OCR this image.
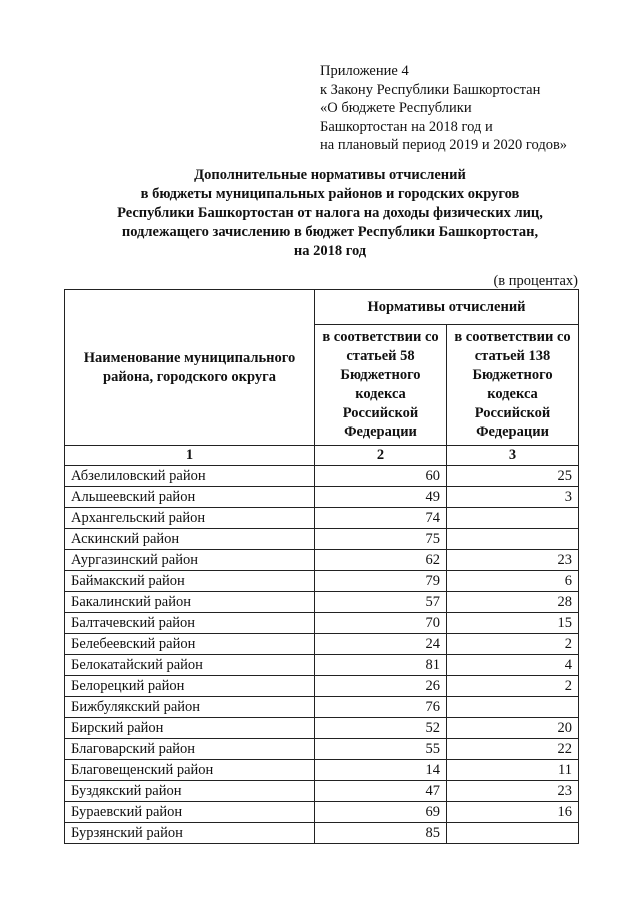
Приложение 4
к Закону Республики Башкортостан
«О бюджете Республики
Башкортостан на 2018 год и
на плановый период 2019 и 2020 годов»
Дополнительные нормативы отчислений
в бюджеты муниципальных районов и городских округов
Республики Башкортостан от налога на доходы физических лиц,
подлежащего зачислению в бюджет Республики Башкортостан,
на 2018 год
(в процентах)
Наименование муниципального района, городского округа	Нормативы отчислений	
	в соответствии со статьей 58 Бюджетного кодекса Российской Федерации	в соответствии со статьей 138 Бюджетного кодекса Российской Федерации
1	2	3
Абзелиловский район	60	25
Альшеевский район	49	3
Архангельский район	74	
Аскинский район	75	
Аургазинский район	62	23
Баймакский район	79	6
Бакалинский район	57	28
Балтачевский район	70	15
Белебеевский район	24	2
Белокатайский район	81	4
Белорецкий район	26	2
Бижбулякский район	76	
Бирский район	52	20
Благоварский район	55	22
Благовещенский район	14	11
Буздякский район	47	23
Бураевский район	69	16
Бурзянский район	85	
